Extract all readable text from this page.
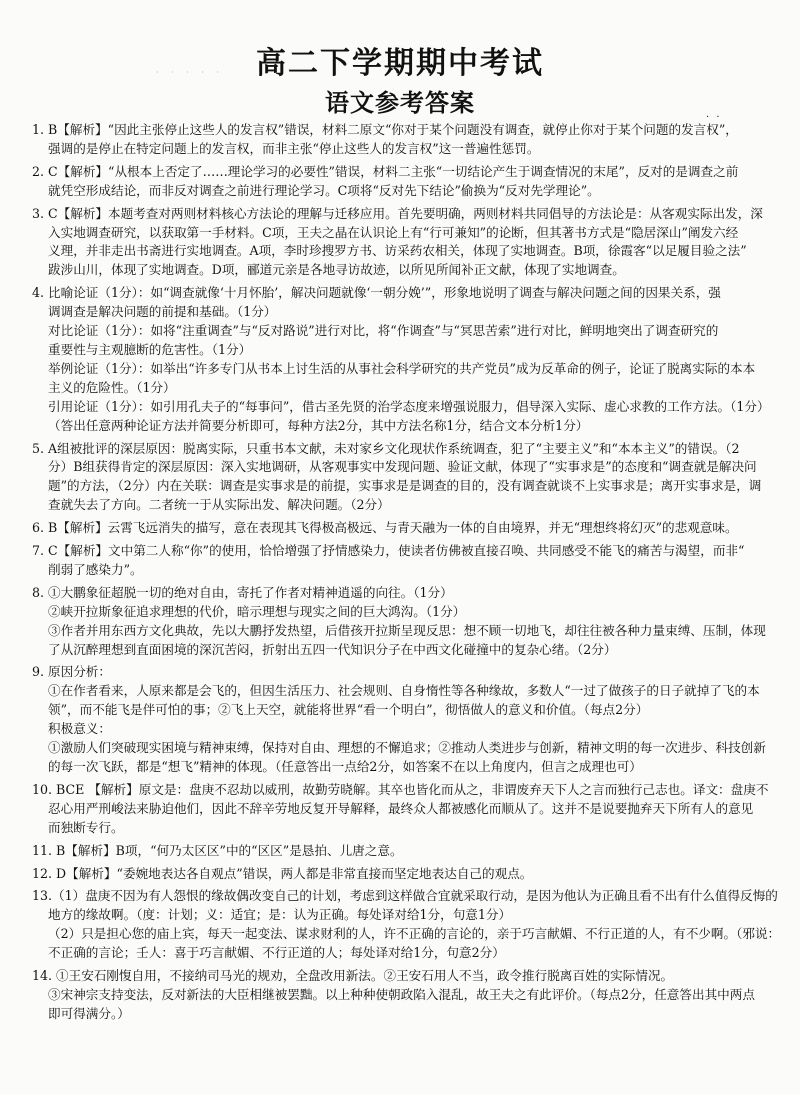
· · · · ·	高二下学期期中考试
语文参考答案
· ·
1. B【解析】“因此主张停止这些人的发言权”错误，材料二原文“你对于某个问题没有调查，就停止你对于某个问题的发言权”，
强调的是停止在特定问题上的发言权，而非主张“停止这些人的发言权”这一普遍性惩罚。
2. C【解析】“从根本上否定了……理论学习的必要性”错误，材料二主张“一切结论产生于调查情况的末尾”，反对的是调查之前
就凭空形成结论，而非反对调查之前进行理论学习。C项将“反对先下结论”偷换为“反对先学理论”。
3. C【解析】本题考查对两则材料核心方法论的理解与迁移应用。首先要明确，两则材料共同倡导的方法论是：从客观实际出发，深
入实地调查研究，以获取第一手材料。C项，王夫之晶在认识论上有“行可兼知”的论断，但其著书方式是“隐居深山”阐发六经
义理，并非走出书斋进行实地调查。A项，李时珍搜罗方书、访采药农相关，体现了实地调查。B项，徐霞客“以足履目验之法”
跋涉山川，体现了实地调查。D项，郦道元亲是各地寻访故迹，以所见所闻补正文献，体现了实地调查。
4. 比喻论证（1分）：如“调查就像‘十月怀胎’，解决问题就像‘一朝分娩’”，形象地说明了调查与解决问题之间的因果关系，强
调调查是解决问题的前提和基础。（1分）
对比论证（1分）：如将“注重调查”与“反对路说”进行对比，将“作调查”与“冥思苦索”进行对比，鲜明地突出了调查研究的
重要性与主观臆断的危害性。（1分）
举例论证（1分）：如举出“许多专门从书本上讨生活的从事社会科学研究的共产党员”成为反革命的例子，论证了脱离实际的本本
主义的危险性。（1分）
引用论证（1分）：如引用孔夫子的“每事问”，借古圣先贤的治学态度来增强说服力，倡导深入实际、虚心求教的工作方法。（1分）
（答出任意两种论证方法并简要分析即可，每种方法2分，其中方法名称1分，结合文本分析1分）
5. A组被批评的深层原因：脱离实际，只重书本文献，未对家乡文化现状作系统调查，犯了“主要主义”和“本本主义”的错误。（2
分）B组获得肯定的深层原因：深入实地调研，从客观事实中发现问题、验证文献，体现了“实事求是”的态度和“调查就是解决问
题”的方法，（2分）内在关联：调查是实事求是的前提，实事求是是调查的目的，没有调查就谈不上实事求是；离开实事求是，调
查就失去了方向。二者统一于从实际出发、解决问题。（2分）
6. B【解析】云霄飞远消失的描写，意在表现其飞得极高极远、与青天融为一体的自由境界，并无“理想终将幻灭”的悲观意味。
7. C【解析】文中第二人称“你”的使用，恰恰增强了抒情感染力，使读者仿佛被直接召唤、共同感受不能飞的痛苦与渴望，而非“
削弱了感染力”。
8. ①大鹏象征超脱一切的绝对自由，寄托了作者对精神逍遥的向往。（1分）
②峡开拉斯象征追求理想的代价，暗示理想与现实之间的巨大鸿沟。（1分）
③作者并用东西方文化典故，先以大鹏抒发热望，后借孩开拉斯呈现反思：想不顾一切地飞，却往往被各种力量束缚、压制，体现
了从沉醉理想到直面困境的深沉苦闷，折射出五四一代知识分子在中西文化碰撞中的复杂心绪。（2分）
9. 原因分析：
①在作者看来，人原来都是会飞的，但因生活压力、社会规则、自身惰性等各种缘故，多数人“一过了做孩子的日子就掉了飞的本
领”，而不能飞是伴可怕的事；②飞上天空，就能将世界“看一个明白”，彻悟做人的意义和价值。（每点2分）
积极意义：
①激励人们突破现实困境与精神束缚，保持对自由、理想的不懈追求；②推动人类进步与创新，精神文明的每一次进步、科技创新
的每一次飞跃，都是“想飞”精神的体现。（任意答出一点给2分，如答案不在以上角度内，但言之成理也可）
10. BCE 【解析】原文是：盘庚不忍劫以威刑，故勤劳晓解。其卒也皆化而从之，非谓废弃天下人之言而独行己志也。译文：盘庚不
忍心用严刑峻法来胁迫他们，因此不辞辛劳地反复开导解释，最终众人都被感化而顺从了。这并不是说要抛弃天下所有人的意见
而独断专行。
11. B【解析】B项，“何乃太区区”中的“区区”是恳拍、儿唐之意。
12. D【解析】“委婉地表达各自观点”错误，两人都是非常直接而坚定地表达自己的观点。
13.（1）盘庚不因为有人怨恨的缘故偶改变自己的计划，考虑到这样做合宜就采取行动，是因为他认为正确且看不出有什么值得反悔的
地方的缘故啊。（度：计划；义：适宜；是：认为正确。每处译对给1分，句意1分）
（2）只是担心您的庙上宾，每天一起变法、谋求财利的人，许不正确的言论的，亲于巧言献媚、不行正道的人，有不少啊。（邪说：
不正确的言论；壬人：喜于巧言献媚、不行正道的人；每处译对给1分，句意2分）
14. ①王安石刚愎自用，不接纳司马光的规劝，全盘改用新法。②王安石用人不当，政令推行脱离百姓的实际情况。
③宋神宗支持变法，反对新法的大臣相继被罢黜。以上种种使朝政陷入混乱，故王夫之有此评价。（每点2分，任意答出其中两点
即可得满分。）
